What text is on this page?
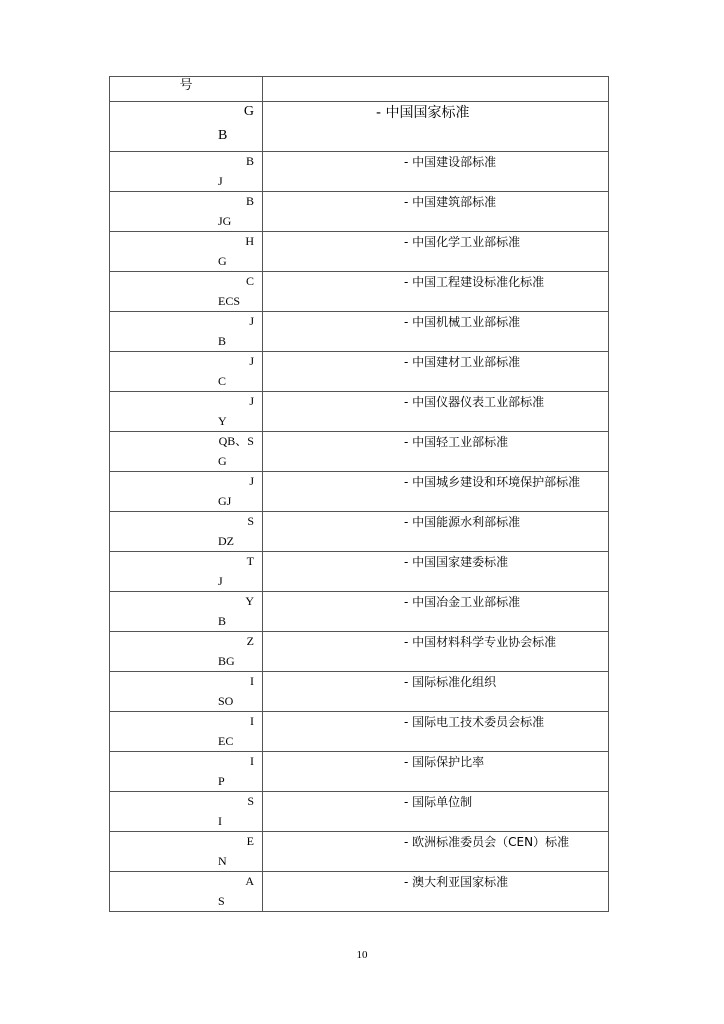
号	

G
B	- 中国国家标准

B
J	- 中国建设部标准

B
JG	- 中国建筑部标准

H
G	- 中国化学工业部标准

C
ECS	- 中国工程建设标准化标准

J
B	- 中国机械工业部标准

J
C	- 中国建材工业部标准

J
Y	- 中国仪器仪表工业部标准

QB、S
G	- 中国轻工业部标准

J
GJ	- 中国城乡建设和环境保护部标准

S
DZ	- 中国能源水利部标准

T
J	- 中国国家建委标准

Y
B	- 中国冶金工业部标准

Z
BG	- 中国材料科学专业协会标准

I
SO	- 国际标准化组织

I
EC	- 国际电工技术委员会标准

I
P	- 国际保护比率

S
I	- 国际单位制

E
N	- 欧洲标准委员会（CEN）标准

A
S	- 澳大利亚国家标准
10
